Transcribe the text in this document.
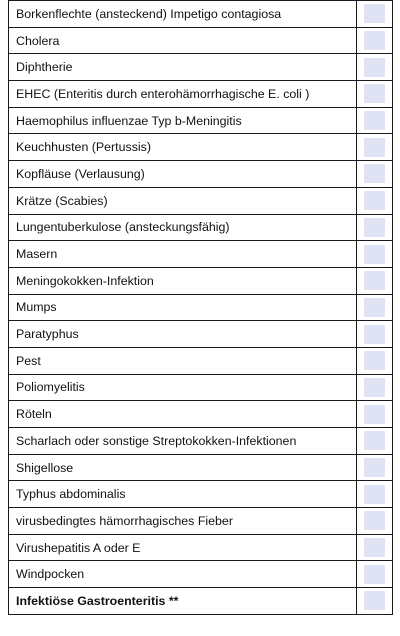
Borkenflechte (ansteckend) Impetigo contagiosa	
Cholera	
Diphtherie	
EHEC (Enteritis durch enterohämorrhagische E. coli )	
Haemophilus influenzae Typ b-Meningitis	
Keuchhusten (Pertussis)	
Kopfläuse (Verlausung)	
Krätze (Scabies)	
Lungentuberkulose (ansteckungsfähig)	
Masern	
Meningokokken-Infektion	
Mumps	
Paratyphus	
Pest	
Poliomyelitis	
Röteln	
Scharlach oder sonstige Streptokokken-Infektionen	
Shigellose	
Typhus abdominalis	
virusbedingtes hämorrhagisches Fieber	
Virushepatitis A oder E	
Windpocken	
Infektiöse Gastroenteritis **	
